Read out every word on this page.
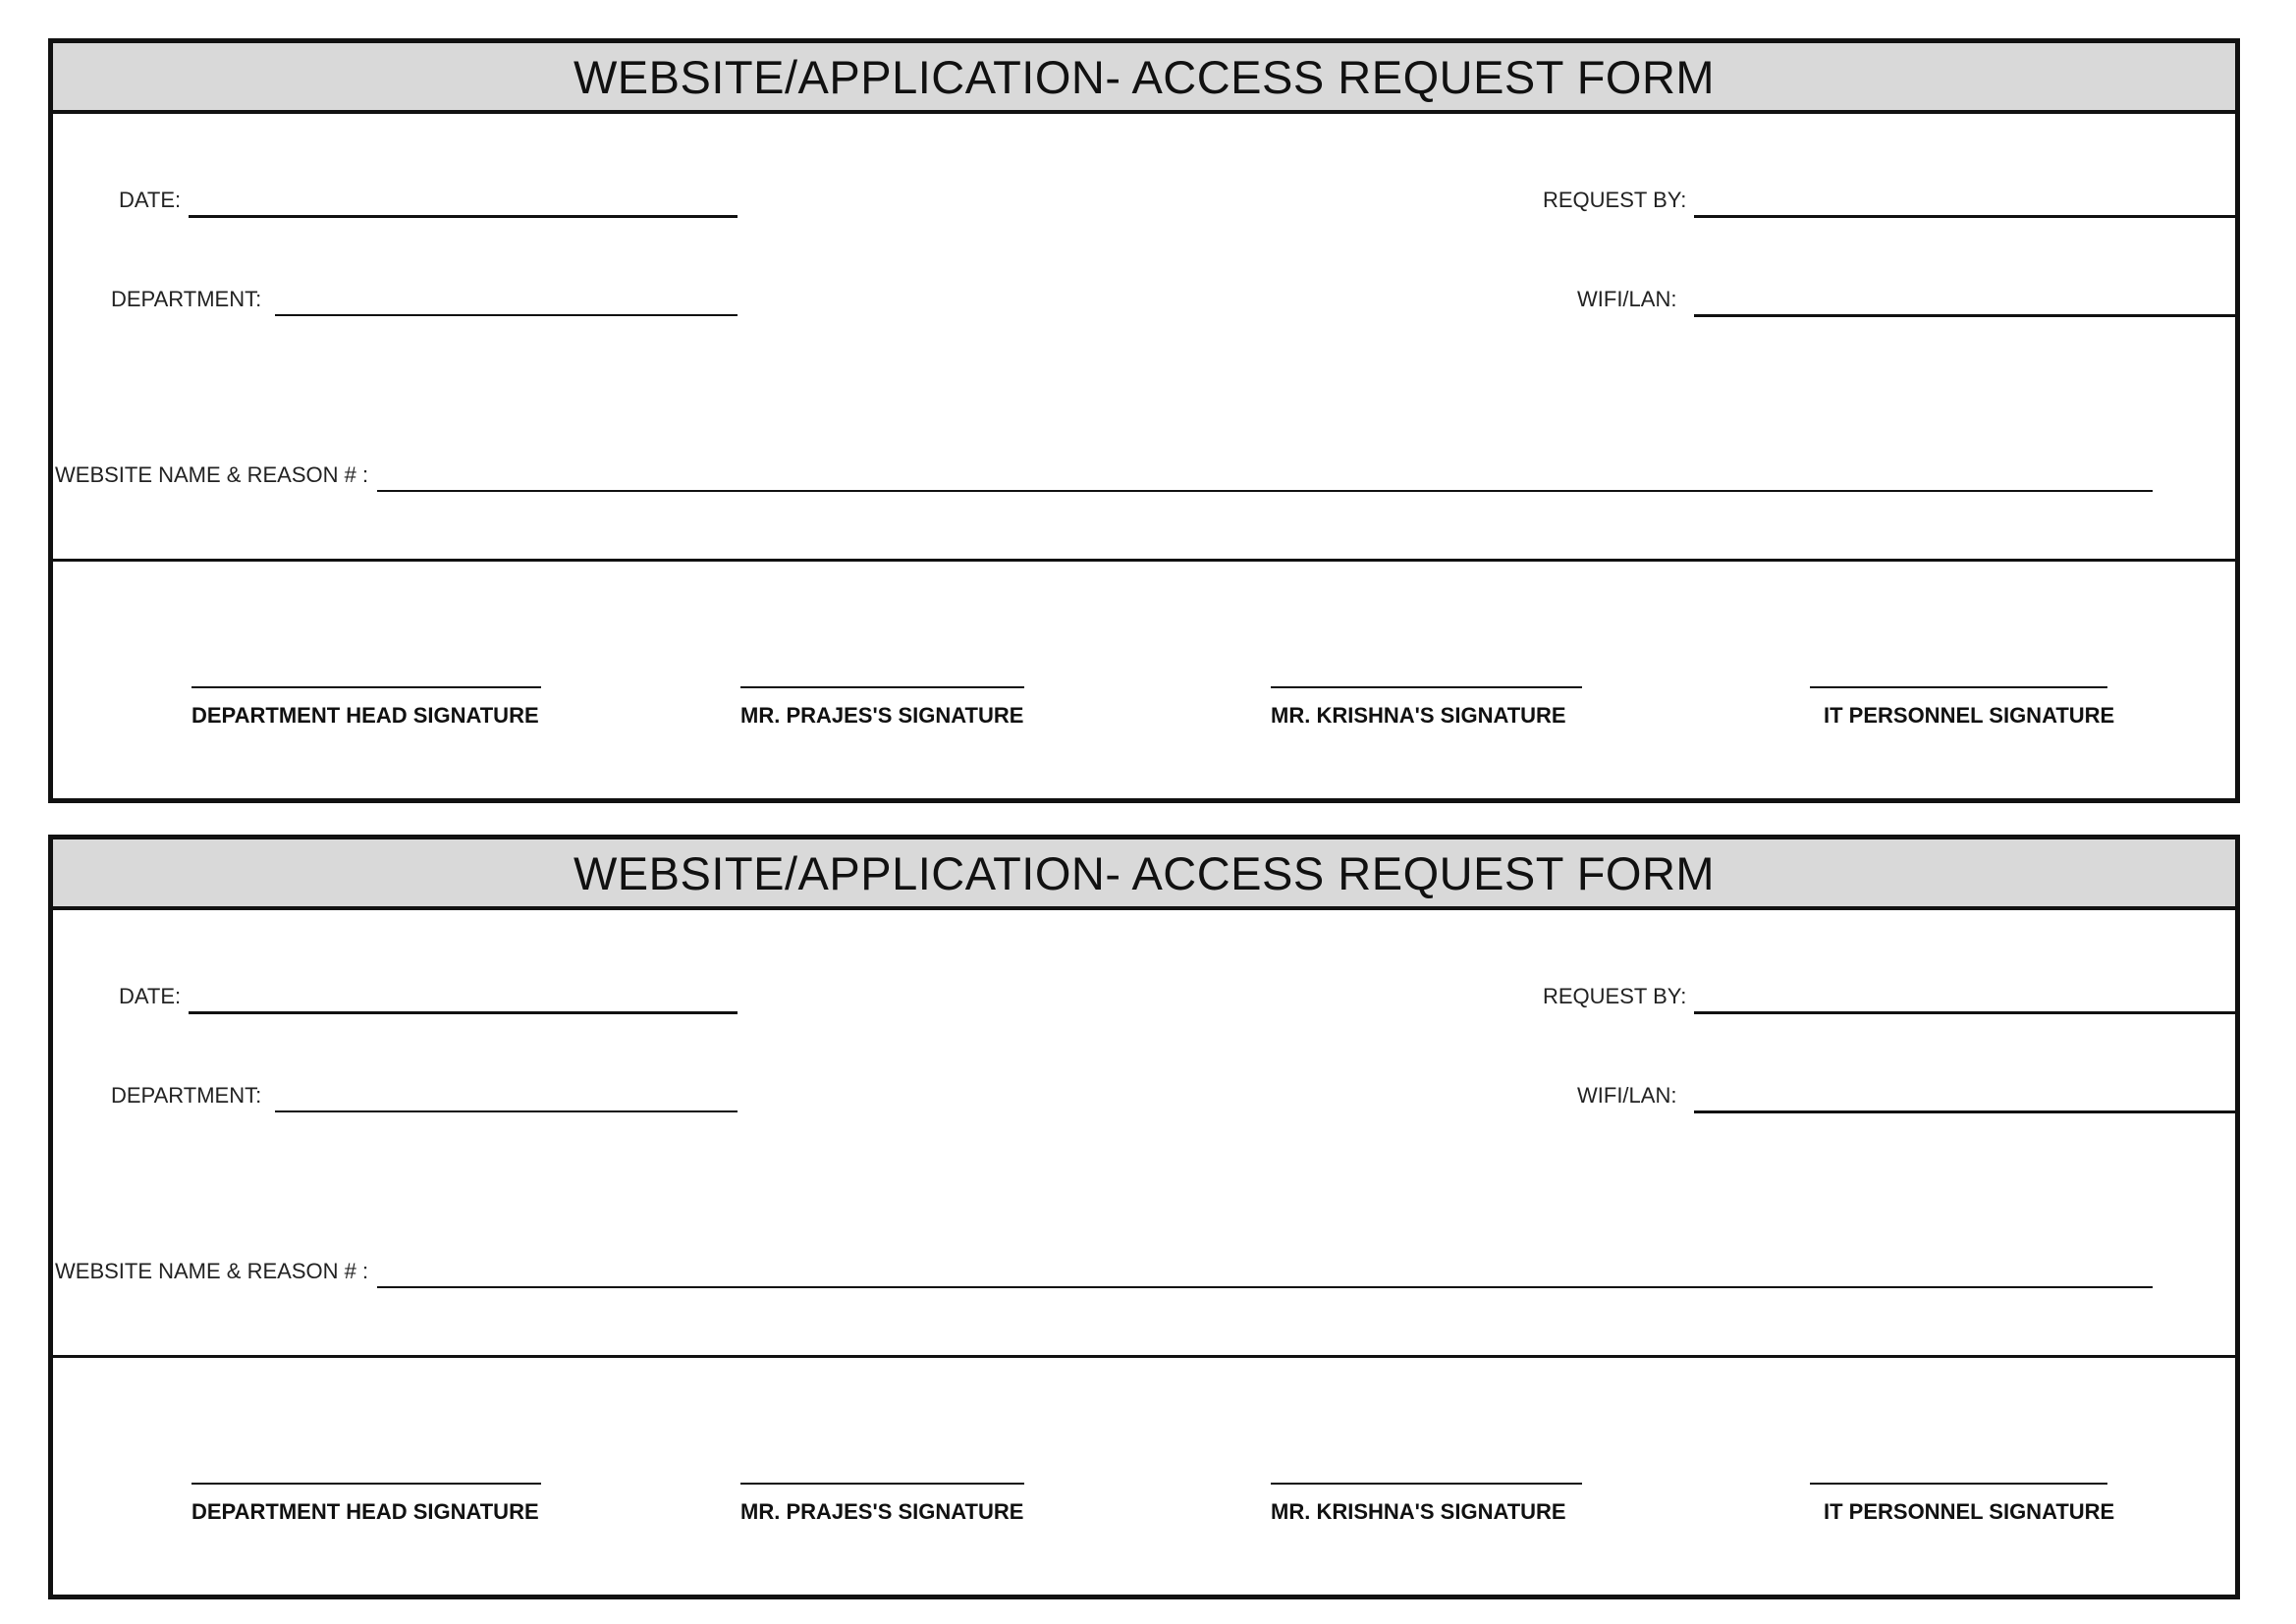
WEBSITE/APPLICATION- ACCESS REQUEST FORM
DATE:	REQUEST BY:
DEPARTMENT:	WIFI/LAN:
WEBSITE NAME & REASON # :
DEPARTMENT HEAD SIGNATURE	MR. PRAJES'S SIGNATURE	MR. KRISHNA'S SIGNATURE	IT PERSONNEL SIGNATURE
WEBSITE/APPLICATION- ACCESS REQUEST FORM
DATE:	REQUEST BY:
DEPARTMENT:	WIFI/LAN:
WEBSITE NAME & REASON # :
DEPARTMENT HEAD SIGNATURE	MR. PRAJES'S SIGNATURE	MR. KRISHNA'S SIGNATURE	IT PERSONNEL SIGNATURE
